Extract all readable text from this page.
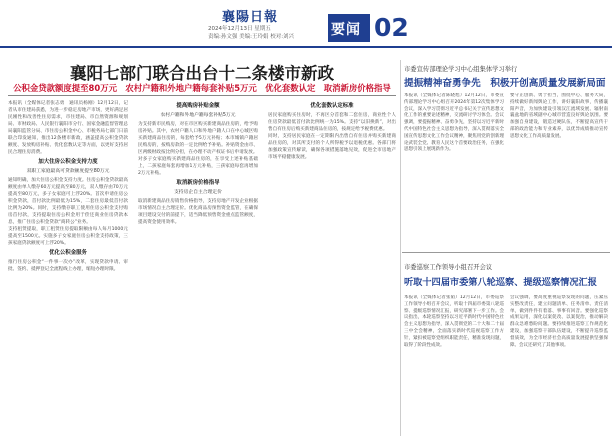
襄陽日報
2024年12月13日 星期五
责编:孙文强 美编:王玲娟 校对:刘兴	要闻 02
襄阳七部门联合出台十二条楼市新政
公积金贷款额度提至80万元　农村户籍和外地户籍每套补贴5万元　优化套数认定　取消新房价格指导

本报讯（全媒体记者张志勇　通讯员杨刚）12月12日，记者从市住建局获悉，为进一步稳定房地产市场，更好满足居民刚性和改善性住房需求，市住建局、市自然资源和规划局、市财政局、人民银行襄阳市分行、国家金融监督管理总局襄阳监管分局、市住房公积金中心、市税务局七部门日前联合印发通知，推出12条楼市新政，涵盖提高公积金贷款额度、发放购房补贴、优化套数认定等方面，以更好支持居民合理住房消费。

加大住房公积金支持力度
双职工家庭最高可贷款额度提至80万元

通知明确，加大住房公积金支持力度。住房公积金贷款最高额度由单人缴存60万元提高至80万元，双人缴存由70万元提高至80万元，多子女家庭可上浮20%。首次申请住房公积金贷款，首付款比例最低为15%，二套住房最低首付款比例为20%。同时，支持缴存职工使用住房公积金支付购房首付款，支持提取住房公积金用于偿还商业住房贷款本息，推广住房公积金贷款“商转公”业务。

支持租赁提取，职工租赁住房提取限额由每人每月1000元提高至1500元。实施多子女家庭住房公积金支持政策，三孩家庭贷款额度可上浮20%。

优化公积金服务

推行住房公积金“一件事一次办”改革，实现贷款申请、审批、签约、抵押登记全流程线上办理，缩短办理时限。

提高购房补贴金额
农村户籍和外地户籍每套补贴5万元

为支持新市民购房，对在市区购买新建商品住房的，给予购房补贴。其中，农村户籍人口和外地户籍人口在中心城区购买新建商品住房的，每套给予5万元补贴；本市城镇户籍居民购房的，按购房款的一定比例给予补贴。补贴资金由市、区两级财政按比例分担，在办理不动产权证书后申请发放。

对多子女家庭购买新建商品住房的，在享受上述补贴基础上，二孩家庭每套再增加1万元补贴，三孩家庭每套再增加2万元补贴。

取消新房价格指导
支持房企自主合理定价

取消新建商品住房销售价格指导，支持房地产开发企业根据市场情况自主合理定价。优化商品房预售资金监管，在确保项目建设交付的前提下，适当降低预售资金重点监管额度，提高资金使用效率。

优化套数认定标准

居民家庭购买住房时，不再区分首套和二套住房，商业性个人住房贷款最低首付款比例统一为15%。支持“以旧换新”，对出售自有住房后购买新建商品住房的，按规定给予税费优惠。

同时，支持居民家庭在一定期限内出售自有住房并购买新建商品住房的，对其所支付的个人所得税予以退税优惠。各部门将加强政策宣传解读，确保各项措施落地见效，促进全市房地产市场平稳健康发展。

市委宣传部理论学习中心组集体学习举行
提振精神奋勇争先　积极开创高质量发展新局面

本报讯（全媒体记者陈晓旭）12月12日，市委宣传部理论学习中心组召开2024年第12次集体学习会议，深入学习贯彻习近平总书记关于宣传思想文化工作的重要论述精神，交流研讨学习体会。会议强调，要提振精神、奋勇争先，坚持以习近平新时代中国特色社会主义思想为指导，深入贯彻落实全国宣传思想文化工作会议精神，聚焦用党的创新理论武装全党、教育人民这个首要政治任务，在强化思想引领上展现新作为。

要守正创新、勇于担当，围绕中心、服务大局，持续做好新闻舆论工作，讲好襄阳故事，传播襄阳声音，为加快建设引领汉江流域发展、辐射南襄盆地的省域副中心城市营造良好舆论氛围。要加强自身建设，锻造过硬队伍，不断提高宣传干部的政治能力和专业素养，以优异成绩推动宣传思想文化工作高质量发展。

市委巡察工作领导小组召开会议
听取十四届市委第八轮巡察、提级巡察情况汇报

本报讯（全媒体记者张韬）12月12日，市委巡察工作领导小组召开会议，听取十四届市委第八轮巡察、提级巡察情况汇报，研究部署下一步工作。会议指出，本轮巡察坚持以习近平新时代中国特色社会主义思想为指导，深入贯彻党的二十大和二十届三中全会精神，全面落实新时代巡视巡察工作方针，紧扣被巡察党组织职能责任，精准发现问题，取得了阶段性成效。

会议强调，要高度重视巡察发现的问题，压紧压实整改责任，建立问题清单、任务清单、责任清单，做到件件有着落、事事有回音。要强化巡察成果运用，深化以案促改、以案促治，推动解决群众急难愁盼问题。要持续推进巡察工作规范化建设，加强巡察干部队伍建设，不断提升巡察监督质效，为全市经济社会高质量发展提供坚强保障。会议还研究了其他事项。
